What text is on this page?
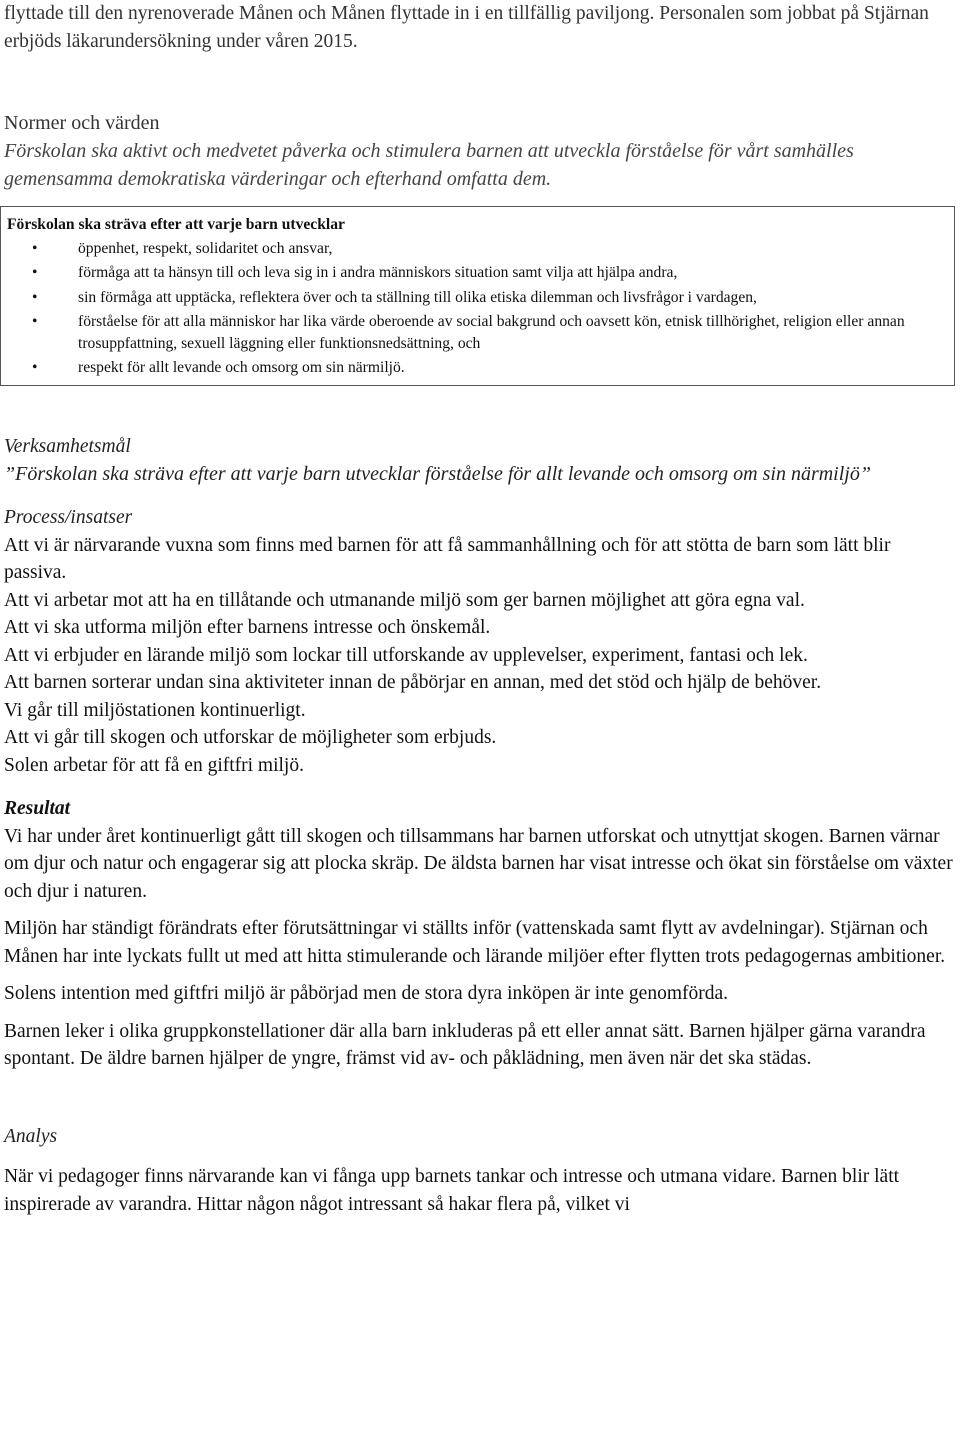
flyttade till den nyrenoverade Månen och Månen flyttade in i en tillfällig paviljong. Personalen som jobbat på Stjärnan erbjöds läkarundersökning under våren 2015.

Normer och värden

Förskolan ska aktivt och medvetet påverka och stimulera barnen att utveckla förståelse för vårt samhälles gemensamma demokratiska värderingar och efterhand omfatta dem.

Förskolan ska sträva efter att varje barn utvecklar

• öppenhet, respekt, solidaritet och ansvar,
• förmåga att ta hänsyn till och leva sig in i andra människors situation samt vilja att hjälpa andra,
• sin förmåga att upptäcka, reflektera över och ta ställning till olika etiska dilemman och livsfrågor i vardagen,
• förståelse för att alla människor har lika värde oberoende av social bakgrund och oavsett kön, etnisk tillhörighet, religion eller annan trosuppfattning, sexuell läggning eller funktionsnedsättning, och
• respekt för allt levande och omsorg om sin närmiljö.

Verksamhetsmål

”Förskolan ska sträva efter att varje barn utvecklar förståelse för allt levande och omsorg om sin närmiljö”

Process/insatser

Att vi är närvarande vuxna som finns med barnen för att få sammanhållning och för att stötta de barn som lätt blir passiva.

Att vi arbetar mot att ha en tillåtande och utmanande miljö som ger barnen möjlighet att göra egna val.

Att vi ska utforma miljön efter barnens intresse och önskemål.

Att vi erbjuder en lärande miljö som lockar till utforskande av upplevelser, experiment, fantasi och lek.

Att barnen sorterar undan sina aktiviteter innan de påbörjar en annan, med det stöd och hjälp de behöver.

Vi går till miljöstationen kontinuerligt.

Att vi går till skogen och utforskar de möjligheter som erbjuds.

Solen arbetar för att få en giftfri miljö.

Resultat

Vi har under året kontinuerligt gått till skogen och tillsammans har barnen utforskat och utnyttjat skogen. Barnen värnar om djur och natur och engagerar sig att plocka skräp. De äldsta barnen har visat intresse och ökat sin förståelse om växter och djur i naturen.

Miljön har ständigt förändrats efter förutsättningar vi ställts inför (vattenskada samt flytt av avdelningar). Stjärnan och Månen har inte lyckats fullt ut med att hitta stimulerande och lärande miljöer efter flytten trots pedagogernas ambitioner.

Solens intention med giftfri miljö är påbörjad men de stora dyra inköpen är inte genomförda.

Barnen leker i olika gruppkonstellationer där alla barn inkluderas på ett eller annat sätt. Barnen hjälper gärna varandra spontant. De äldre barnen hjälper de yngre, främst vid av- och påklädning, men även när det ska städas.

Analys

När vi pedagoger finns närvarande kan vi fånga upp barnets tankar och intresse och utmana vidare. Barnen blir lätt inspirerade av varandra. Hittar någon något intressant så hakar flera på, vilket vi
